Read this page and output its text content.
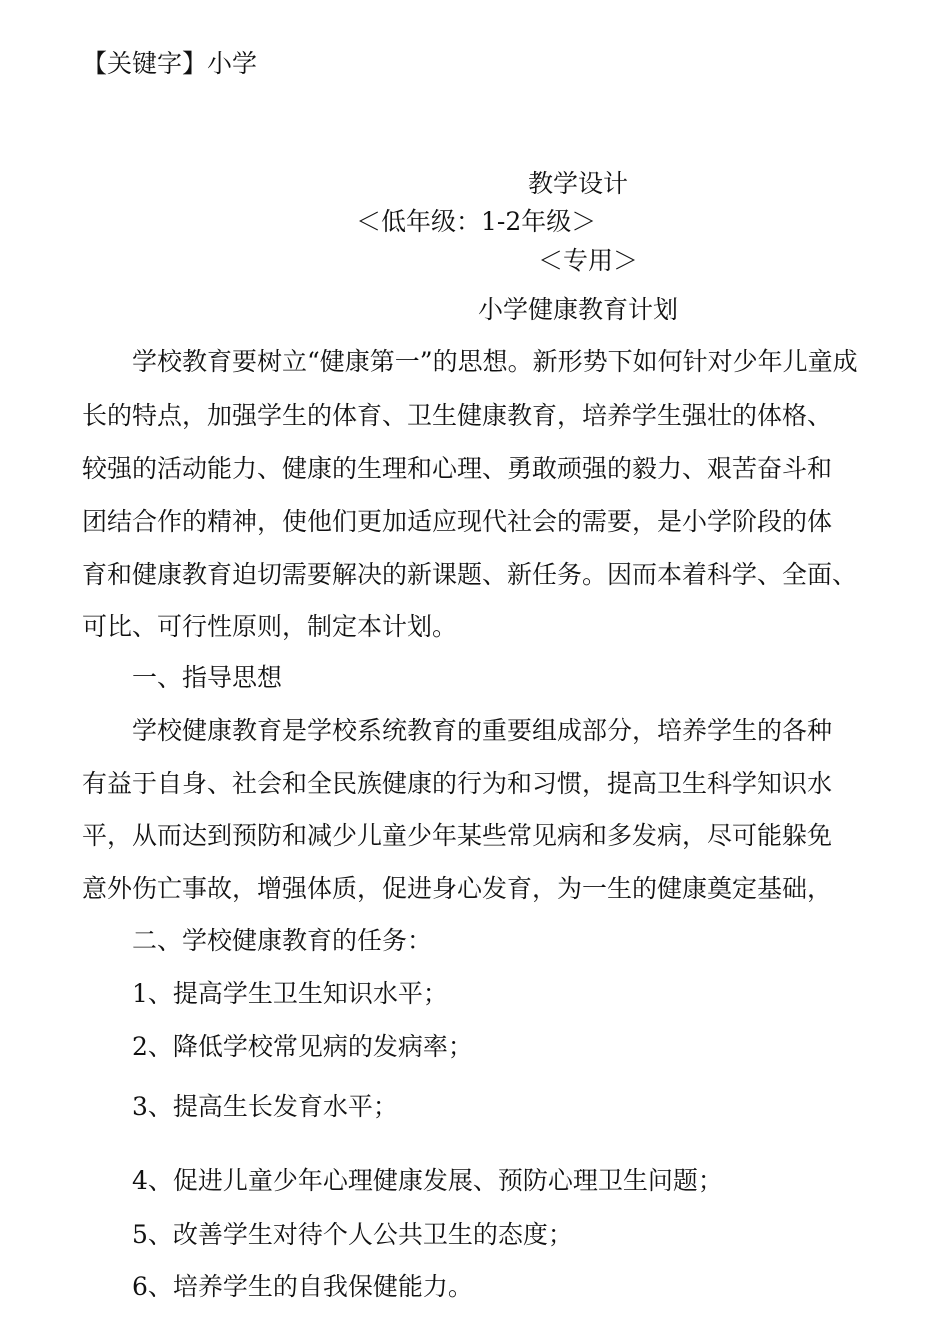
【关键字】小学

教学设计

＜低年级：1-2年级＞

＜专用＞

小学健康教育计划

学校教育要树立“健康第一”的思想。新形势下如何针对少年儿童成

长的特点，加强学生的体育、卫生健康教育，培养学生强壮的体格、

较强的活动能力、健康的生理和心理、勇敢顽强的毅力、艰苦奋斗和

团结合作的精神，使他们更加适应现代社会的需要，是小学阶段的体

育和健康教育迫切需要解决的新课题、新任务。因而本着科学、全面、

可比、可行性原则，制定本计划。

一、指导思想

学校健康教育是学校系统教育的重要组成部分，培养学生的各种

有益于自身、社会和全民族健康的行为和习惯，提高卫生科学知识水

平，从而达到预防和减少儿童少年某些常见病和多发病，尽可能躲免

意外伤亡事故，增强体质，促进身心发育，为一生的健康奠定基础，

二、学校健康教育的任务：

1、提高学生卫生知识水平；

2、降低学校常见病的发病率；

3、提高生长发育水平；

4、促进儿童少年心理健康发展、预防心理卫生问题；

5、改善学生对待个人公共卫生的态度；

6、培养学生的自我保健能力。
